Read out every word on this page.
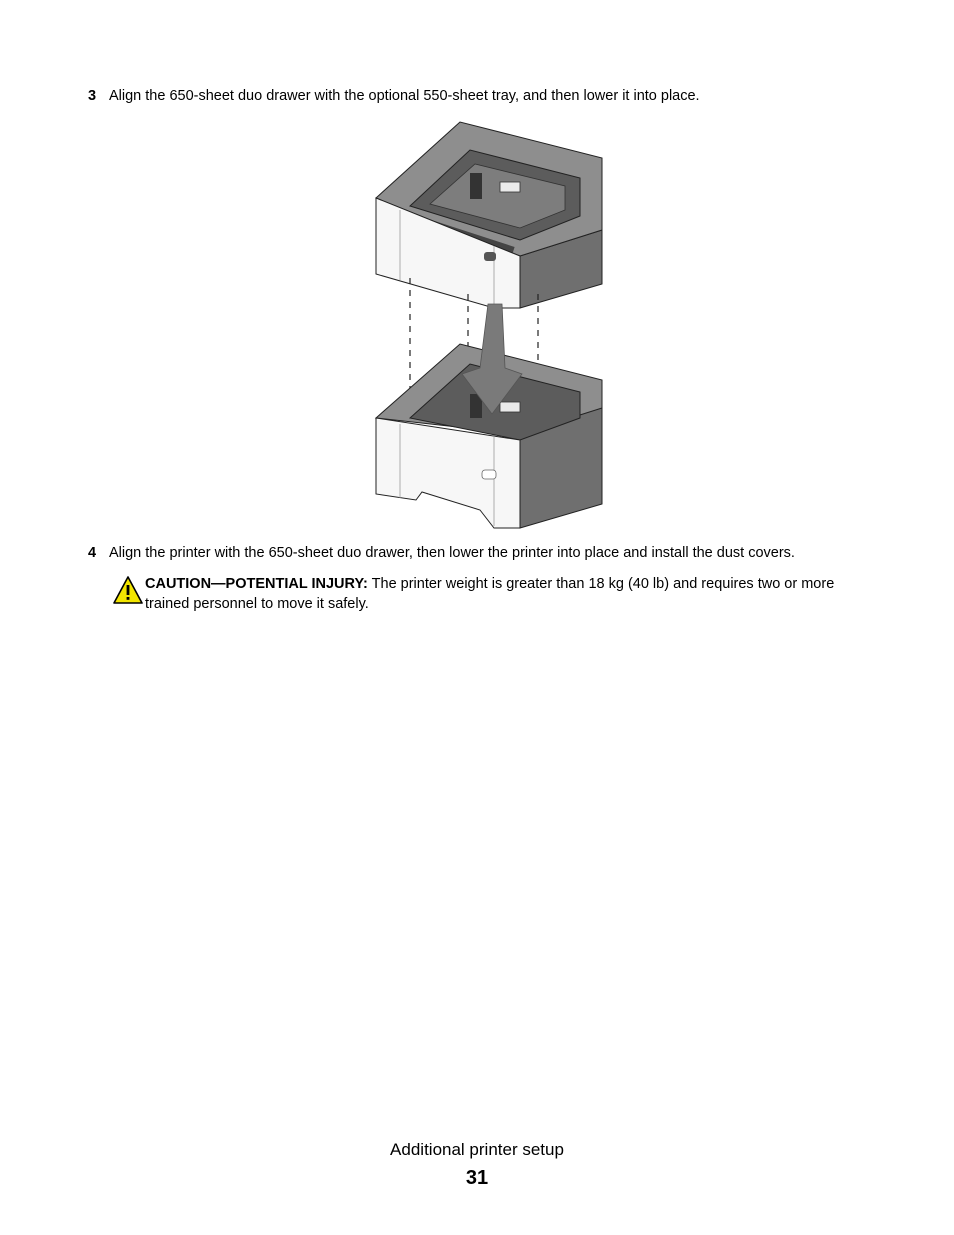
3 Align the 650-sheet duo drawer with the optional 550-sheet tray, and then lower it into place.
4 Align the printer with the 650-sheet duo drawer, then lower the printer into place and install the dust covers.
CAUTION—POTENTIAL INJURY: The printer weight is greater than 18 kg (40 lb) and requires two or more
trained personnel to move it safely.
Additional printer setup
31
